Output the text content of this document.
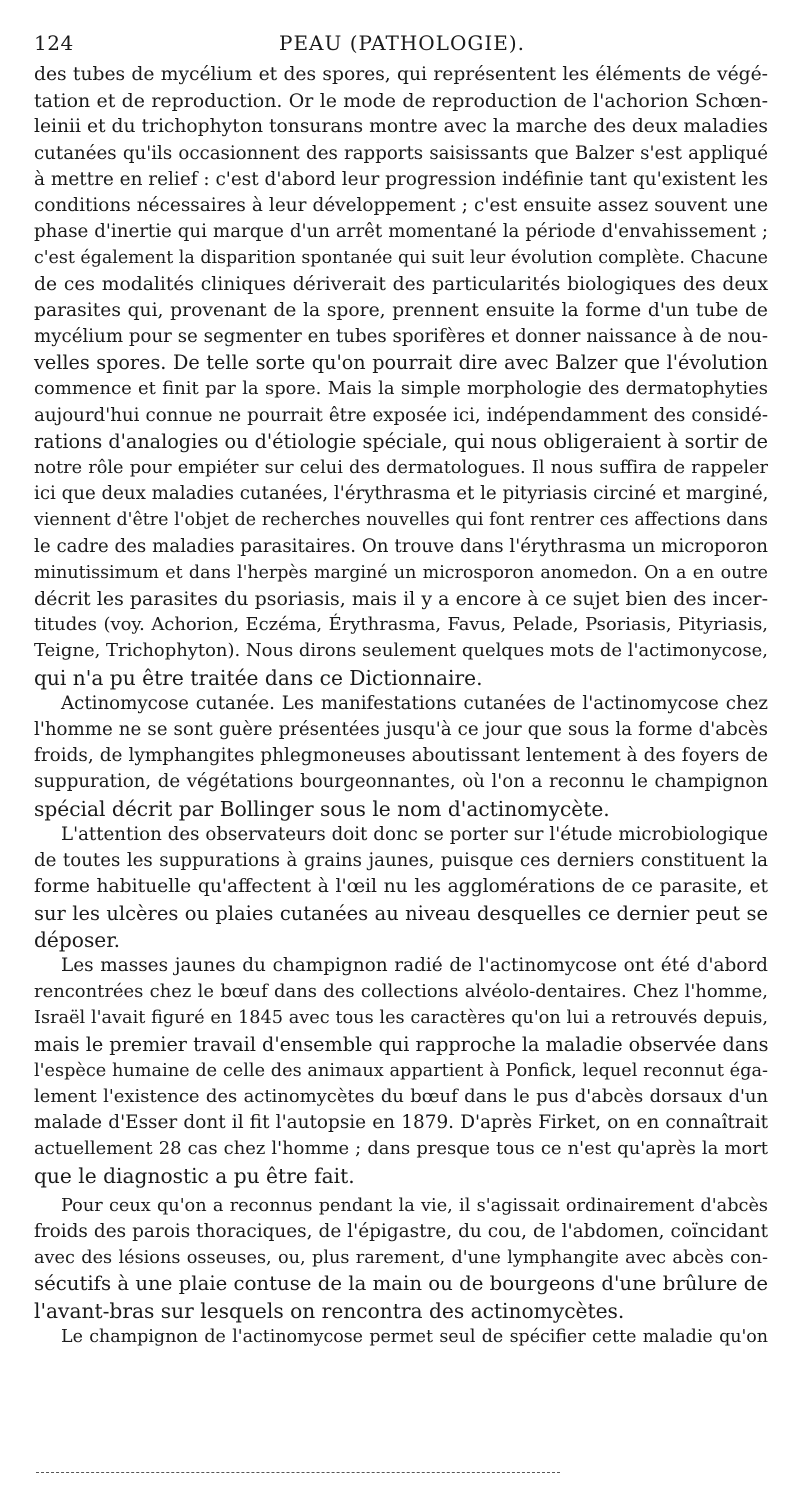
124	PEAU (PATHOLOGIE).

des tubes de mycélium et des spores, qui représentent les éléments de végé-
tation et de reproduction. Or le mode de reproduction de l'achorion Schœn-
leinii et du trichophyton tonsurans montre avec la marche des deux maladies
cutanées qu'ils occasionnent des rapports saisissants que Balzer s'est appliqué
à mettre en relief : c'est d'abord leur progression indéfinie tant qu'existent les
conditions nécessaires à leur développement ; c'est ensuite assez souvent une
phase d'inertie qui marque d'un arrêt momentané la période d'envahissement ;
c'est également la disparition spontanée qui suit leur évolution complète. Chacune
de ces modalités cliniques dériverait des particularités biologiques des deux
parasites qui, provenant de la spore, prennent ensuite la forme d'un tube de
mycélium pour se segmenter en tubes sporifères et donner naissance à de nou-
velles spores. De telle sorte qu'on pourrait dire avec Balzer que l'évolution
commence et finit par la spore. Mais la simple morphologie des dermatophyties
aujourd'hui connue ne pourrait être exposée ici, indépendamment des considé-
rations d'analogies ou d'étiologie spéciale, qui nous obligeraient à sortir de
notre rôle pour empiéter sur celui des dermatologues. Il nous suffira de rappeler
ici que deux maladies cutanées, l'érythrasma et le pityriasis circiné et marginé,
viennent d'être l'objet de recherches nouvelles qui font rentrer ces affections dans
le cadre des maladies parasitaires. On trouve dans l'érythrasma un microporon
minutissimum et dans l'herpès marginé un microsporon anomedon. On a en outre
décrit les parasites du psoriasis, mais il y a encore à ce sujet bien des incer-
titudes (voy. Achorion, Eczéma, Érythrasma, Favus, Pelade, Psoriasis, Pityriasis,
Teigne, Trichophyton). Nous dirons seulement quelques mots de l'actimonycose,
qui n'a pu être traitée dans ce Dictionnaire.

Actinomycose cutanée. Les manifestations cutanées de l'actinomycose chez
l'homme ne se sont guère présentées jusqu'à ce jour que sous la forme d'abcès
froids, de lymphangites phlegmoneuses aboutissant lentement à des foyers de
suppuration, de végétations bourgeonnantes, où l'on a reconnu le champignon
spécial décrit par Bollinger sous le nom d'actinomycète.

L'attention des observateurs doit donc se porter sur l'étude microbiologique
de toutes les suppurations à grains jaunes, puisque ces derniers constituent la
forme habituelle qu'affectent à l'œil nu les agglomérations de ce parasite, et
sur les ulcères ou plaies cutanées au niveau desquelles ce dernier peut se
déposer.

Les masses jaunes du champignon radié de l'actinomycose ont été d'abord
rencontrées chez le bœuf dans des collections alvéolo-dentaires. Chez l'homme,
Israël l'avait figuré en 1845 avec tous les caractères qu'on lui a retrouvés depuis,
mais le premier travail d'ensemble qui rapproche la maladie observée dans
l'espèce humaine de celle des animaux appartient à Ponfick, lequel reconnut éga-
lement l'existence des actinomycètes du bœuf dans le pus d'abcès dorsaux d'un
malade d'Esser dont il fit l'autopsie en 1879. D'après Firket, on en connaîtrait
actuellement 28 cas chez l'homme ; dans presque tous ce n'est qu'après la mort
que le diagnostic a pu être fait.

Pour ceux qu'on a reconnus pendant la vie, il s'agissait ordinairement d'abcès
froids des parois thoraciques, de l'épigastre, du cou, de l'abdomen, coïncidant
avec des lésions osseuses, ou, plus rarement, d'une lymphangite avec abcès con-
sécutifs à une plaie contuse de la main ou de bourgeons d'une brûlure de
l'avant-bras sur lesquels on rencontra des actinomycètes.

Le champignon de l'actinomycose permet seul de spécifier cette maladie qu'on
